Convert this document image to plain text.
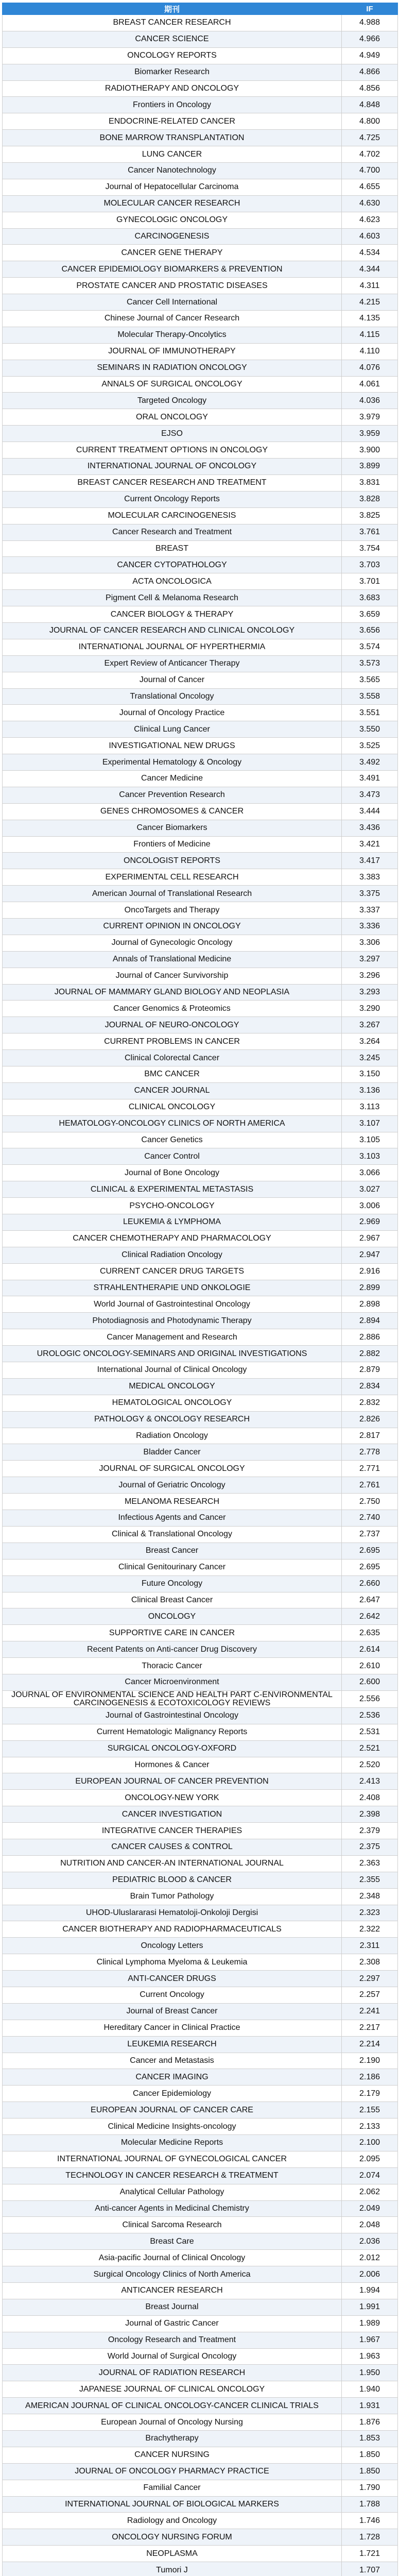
期刊	IF
BREAST CANCER RESEARCH	4.988
CANCER SCIENCE	4.966
ONCOLOGY REPORTS	4.949
Biomarker Research	4.866
RADIOTHERAPY AND ONCOLOGY	4.856
Frontiers in Oncology	4.848
ENDOCRINE-RELATED CANCER	4.800
BONE MARROW TRANSPLANTATION	4.725
LUNG CANCER	4.702
Cancer Nanotechnology	4.700
Journal of Hepatocellular Carcinoma	4.655
MOLECULAR CANCER RESEARCH	4.630
GYNECOLOGIC ONCOLOGY	4.623
CARCINOGENESIS	4.603
CANCER GENE THERAPY	4.534
CANCER EPIDEMIOLOGY BIOMARKERS & PREVENTION	4.344
PROSTATE CANCER AND PROSTATIC DISEASES	4.311
Cancer Cell International	4.215
Chinese Journal of Cancer Research	4.135
Molecular Therapy-Oncolytics	4.115
JOURNAL OF IMMUNOTHERAPY	4.110
SEMINARS IN RADIATION ONCOLOGY	4.076
ANNALS OF SURGICAL ONCOLOGY	4.061
Targeted Oncology	4.036
ORAL ONCOLOGY	3.979
EJSO	3.959
CURRENT TREATMENT OPTIONS IN ONCOLOGY	3.900
INTERNATIONAL JOURNAL OF ONCOLOGY	3.899
BREAST CANCER RESEARCH AND TREATMENT	3.831
Current Oncology Reports	3.828
MOLECULAR CARCINOGENESIS	3.825
Cancer Research and Treatment	3.761
BREAST	3.754
CANCER CYTOPATHOLOGY	3.703
ACTA ONCOLOGICA	3.701
Pigment Cell & Melanoma Research	3.683
CANCER BIOLOGY & THERAPY	3.659
JOURNAL OF CANCER RESEARCH AND CLINICAL ONCOLOGY	3.656
INTERNATIONAL JOURNAL OF HYPERTHERMIA	3.574
Expert Review of Anticancer Therapy	3.573
Journal of Cancer	3.565
Translational Oncology	3.558
Journal of Oncology Practice	3.551
Clinical Lung Cancer	3.550
INVESTIGATIONAL NEW DRUGS	3.525
Experimental Hematology & Oncology	3.492
Cancer Medicine	3.491
Cancer Prevention Research	3.473
GENES CHROMOSOMES & CANCER	3.444
Cancer Biomarkers	3.436
Frontiers of Medicine	3.421
ONCOLOGIST REPORTS	3.417
EXPERIMENTAL CELL RESEARCH	3.383
American Journal of Translational Research	3.375
OncoTargets and Therapy	3.337
CURRENT OPINION IN ONCOLOGY	3.336
Journal of Gynecologic Oncology	3.306
Annals of Translational Medicine	3.297
Journal of Cancer Survivorship	3.296
JOURNAL OF MAMMARY GLAND BIOLOGY AND NEOPLASIA	3.293
Cancer Genomics & Proteomics	3.290
JOURNAL OF NEURO-ONCOLOGY	3.267
CURRENT PROBLEMS IN CANCER	3.264
Clinical Colorectal Cancer	3.245
BMC CANCER	3.150
CANCER JOURNAL	3.136
CLINICAL ONCOLOGY	3.113
HEMATOLOGY-ONCOLOGY CLINICS OF NORTH AMERICA	3.107
Cancer Genetics	3.105
Cancer Control	3.103
Journal of Bone Oncology	3.066
CLINICAL & EXPERIMENTAL METASTASIS	3.027
PSYCHO-ONCOLOGY	3.006
LEUKEMIA & LYMPHOMA	2.969
CANCER CHEMOTHERAPY AND PHARMACOLOGY	2.967
Clinical Radiation Oncology	2.947
CURRENT CANCER DRUG TARGETS	2.916
STRAHLENTHERAPIE UND ONKOLOGIE	2.899
World Journal of Gastrointestinal Oncology	2.898
Photodiagnosis and Photodynamic Therapy	2.894
Cancer Management and Research	2.886
UROLOGIC ONCOLOGY-SEMINARS AND ORIGINAL INVESTIGATIONS	2.882
International Journal of Clinical Oncology	2.879
MEDICAL ONCOLOGY	2.834
HEMATOLOGICAL ONCOLOGY	2.832
PATHOLOGY & ONCOLOGY RESEARCH	2.826
Radiation Oncology	2.817
Bladder Cancer	2.778
JOURNAL OF SURGICAL ONCOLOGY	2.771
Journal of Geriatric Oncology	2.761
MELANOMA RESEARCH	2.750
Infectious Agents and Cancer	2.740
Clinical & Translational Oncology	2.737
Breast Cancer	2.695
Clinical Genitourinary Cancer	2.695
Future Oncology	2.660
Clinical Breast Cancer	2.647
ONCOLOGY	2.642
SUPPORTIVE CARE IN CANCER	2.635
Recent Patents on Anti-cancer Drug Discovery	2.614
Thoracic Cancer	2.610
Cancer Microenvironment	2.600
JOURNAL OF ENVIRONMENTAL SCIENCE AND HEALTH PART C-ENVIRONMENTAL CARCINOGENESIS & ECOTOXICOLOGY REVIEWS	2.556
Journal of Gastrointestinal Oncology	2.536
Current Hematologic Malignancy Reports	2.531
SURGICAL ONCOLOGY-OXFORD	2.521
Hormones & Cancer	2.520
EUROPEAN JOURNAL OF CANCER PREVENTION	2.413
ONCOLOGY-NEW YORK	2.408
CANCER INVESTIGATION	2.398
INTEGRATIVE CANCER THERAPIES	2.379
CANCER CAUSES & CONTROL	2.375
NUTRITION AND CANCER-AN INTERNATIONAL JOURNAL	2.363
PEDIATRIC BLOOD & CANCER	2.355
Brain Tumor Pathology	2.348
UHOD-Uluslararasi Hematoloji-Onkoloji Dergisi	2.323
CANCER BIOTHERAPY AND RADIOPHARMACEUTICALS	2.322
Oncology Letters	2.311
Clinical Lymphoma Myeloma & Leukemia	2.308
ANTI-CANCER DRUGS	2.297
Current Oncology	2.257
Journal of Breast Cancer	2.241
Hereditary Cancer in Clinical Practice	2.217
LEUKEMIA RESEARCH	2.214
Cancer and Metastasis	2.190
CANCER IMAGING	2.186
Cancer Epidemiology	2.179
EUROPEAN JOURNAL OF CANCER CARE	2.155
Clinical Medicine Insights-oncology	2.133
Molecular Medicine Reports	2.100
INTERNATIONAL JOURNAL OF GYNECOLOGICAL CANCER	2.095
TECHNOLOGY IN CANCER RESEARCH & TREATMENT	2.074
Analytical Cellular Pathology	2.062
Anti-cancer Agents in Medicinal Chemistry	2.049
Clinical Sarcoma Research	2.048
Breast Care	2.036
Asia-pacific Journal of Clinical Oncology	2.012
Surgical Oncology Clinics of North America	2.006
ANTICANCER RESEARCH	1.994
Breast Journal	1.991
Journal of Gastric Cancer	1.989
Oncology Research and Treatment	1.967
World Journal of Surgical Oncology	1.963
JOURNAL OF RADIATION RESEARCH	1.950
JAPANESE JOURNAL OF CLINICAL ONCOLOGY	1.940
AMERICAN JOURNAL OF CLINICAL ONCOLOGY-CANCER CLINICAL TRIALS	1.931
European Journal of Oncology Nursing	1.876
Brachytherapy	1.853
CANCER NURSING	1.850
JOURNAL OF ONCOLOGY PHARMACY PRACTICE	1.850
Familial Cancer	1.790
INTERNATIONAL JOURNAL OF BIOLOGICAL MARKERS	1.788
Radiology and Oncology	1.746
ONCOLOGY NURSING FORUM	1.728
NEOPLASMA	1.721
Tumori J	1.707
